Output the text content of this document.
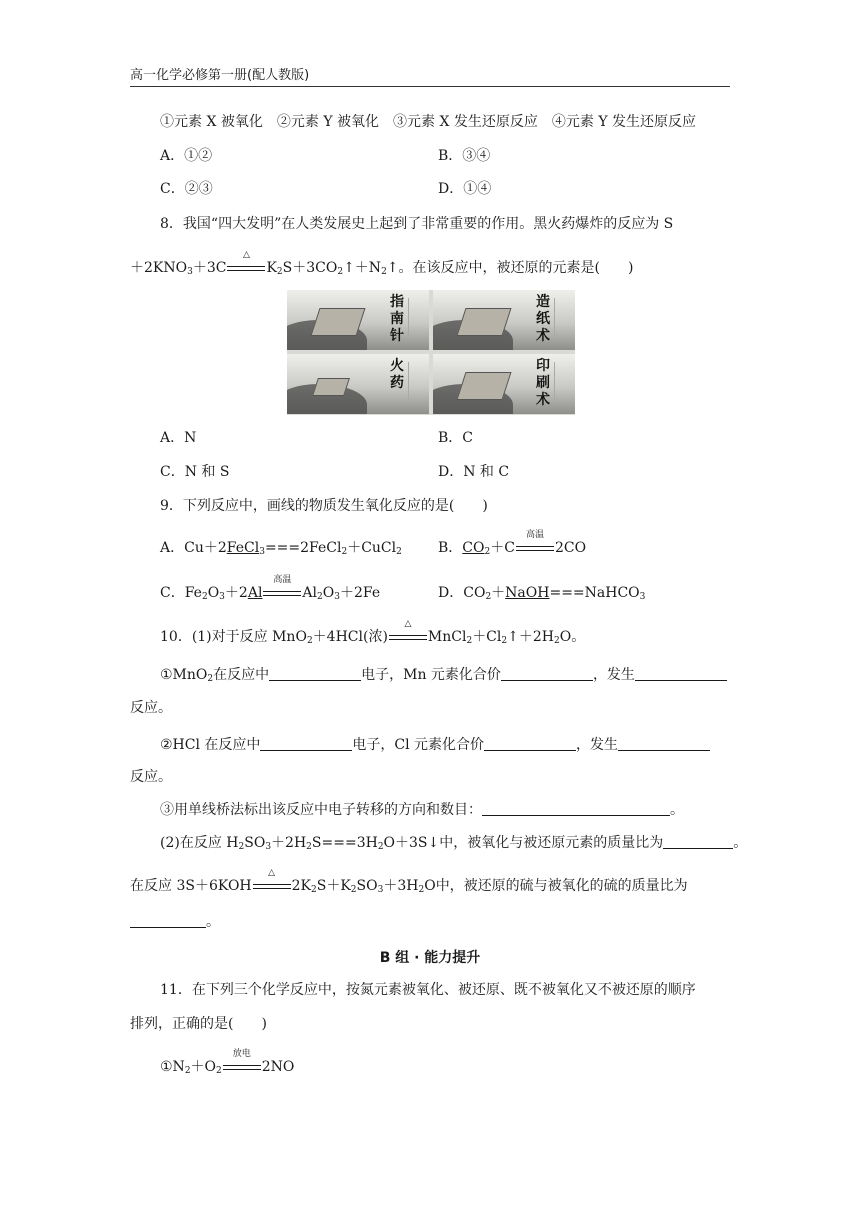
高一化学必修第一册(配人教版)
①元素 X 被氧化　②元素 Y 被氧化　③元素 X 发生还原反应　④元素 Y 发生还原反应
A．①②	B．③④
C．②③	D．①④
8．我国“四大发明”在人类发展史上起到了非常重要的作用。黑火药爆炸的反应为 S
$+2KNO_3+3C$
△
$K_2S+3CO_2↑+N_2↑$。在该反应中，被还原的元素是(　　)
指南针
造纸术
火药
印刷术
A．N	B．C
C．N 和 S	D．N 和 C
9．下列反应中，画线的物质发生氧化反应的是(　　)
A．Cu＋2FeCl$_3$===2FeCl$_2$＋CuCl$_2$	B．$CO_2+C$
高温
2CO
C．$Fe_2O_3+2Al$
高温
$Al_2O_3+2Fe$	D．$CO_2+NaOH===NaHCO_3$
10．(1)对于反应 MnO$_2$＋4HCl(浓)
△
$MnCl_2+Cl_2↑+2H_2O$。
①MnO$_2$在反应中	电子，Mn 元素化合价	，发生
反应。
②HCl 在反应中	电子，Cl 元素化合价	，发生
反应。
③用单线桥法标出该反应中电子转移的方向和数目：	。
(2)在反应 $H_2SO_3+2H_2S===3H_2O+3S↓$中，被氧化与被还原元素的质量比为	。
在反应 3S＋6KOH
△
$2K_2S+K_2SO_3+3H_2O$中，被还原的硫与被氧化的硫的质量比为
。
B 组 · 能力提升
11．在下列三个化学反应中，按氮元素被氧化、被还原、既不被氧化又不被还原的顺序
排列，正确的是(　　)
$①N_2+O_2$
放电
2NO
